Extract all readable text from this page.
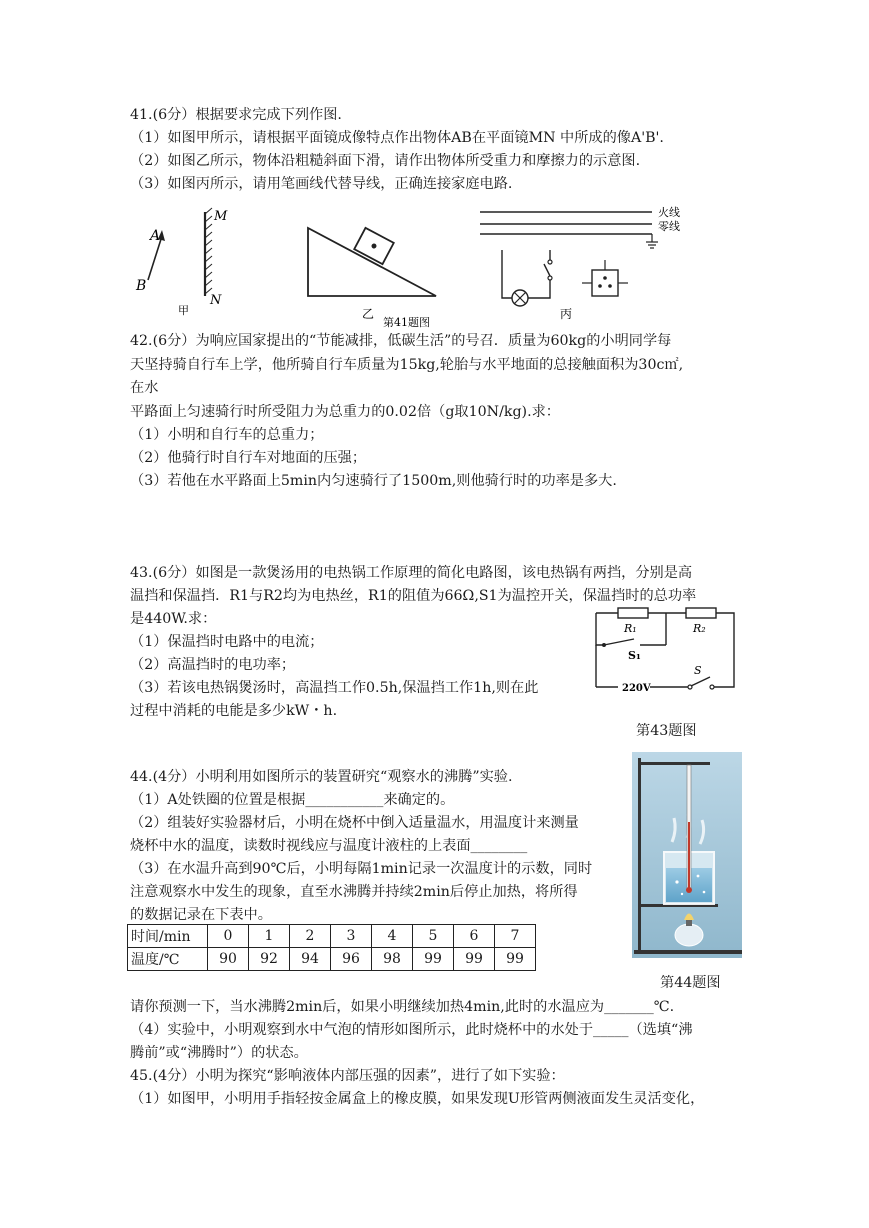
41.(6分）根据要求完成下列作图.
（1）如图甲所示，请根据平面镜成像特点作出物体AB在平面镜MN 中所成的像A'B'.
（2）如图乙所示，物体沿粗糙斜面下滑，请作出物体所受重力和摩擦力的示意图.
（3）如图丙所示，请用笔画线代替导线，正确连接家庭电路.
A
B
M
N
甲	乙
第41题图
火线
零线
丙
42.(6分）为响应国家提出的“节能减排，低碳生活”的号召．质量为60kg的小明同学每
天坚持骑自行车上学，他所骑自行车质量为15kg,轮胎与水平地面的总接触面积为30c㎡,
在水
平路面上匀速骑行时所受阻力为总重力的0.02倍（g取10N/kg).求：
（1）小明和自行车的总重力；
（2）他骑行时自行车对地面的压强；
（3）若他在水平路面上5min内匀速骑行了1500m,则他骑行时的功率是多大.
43.(6分）如图是一款煲汤用的电热锅工作原理的简化电路图，该电热锅有两挡，分别是高
温挡和保温挡．R1与R2均为电热丝，R1的阻值为66Ω,S1为温控开关，保温挡时的总功率
是440W.求：
（1）保温挡时电路中的电流；
（2）高温挡时的电功率；
（3）若该电热锅煲汤时，高温挡工作0.5h,保温挡工作1h,则在此
过程中消耗的电能是多少kW・h.
R₁	R₂
S₁
220V
S
第43题图
44.(4分）小明利用如图所示的装置研究“观察水的沸腾”实验.
（1）A处铁圈的位置是根据___________来确定的。
（2）组装好实验器材后，小明在烧杯中倒入适量温水，用温度计来测量
烧杯中水的温度，读数时视线应与温度计液柱的上表面________
（3）在水温升高到90℃后，小明每隔1min记录一次温度计的示数，同时
注意观察水中发生的现象，直至水沸腾并持续2min后停止加热，将所得
的数据记录在下表中。
时间/min	0	1	2	3	4	5	6	7
温度/℃	90	92	94	96	98	99	99	99
第44题图
请你预测一下，当水沸腾2min后，如果小明继续加热4min,此时的水温应为_______℃.
（4）实验中，小明观察到水中气泡的情形如图所示，此时烧杯中的水处于_____（选填“沸
腾前”或“沸腾时”）的状态。
45.(4分）小明为探究“影响液体内部压强的因素”，进行了如下实验：
（1）如图甲，小明用手指轻按金属盒上的橡皮膜，如果发现U形管两侧液面发生灵活变化，
